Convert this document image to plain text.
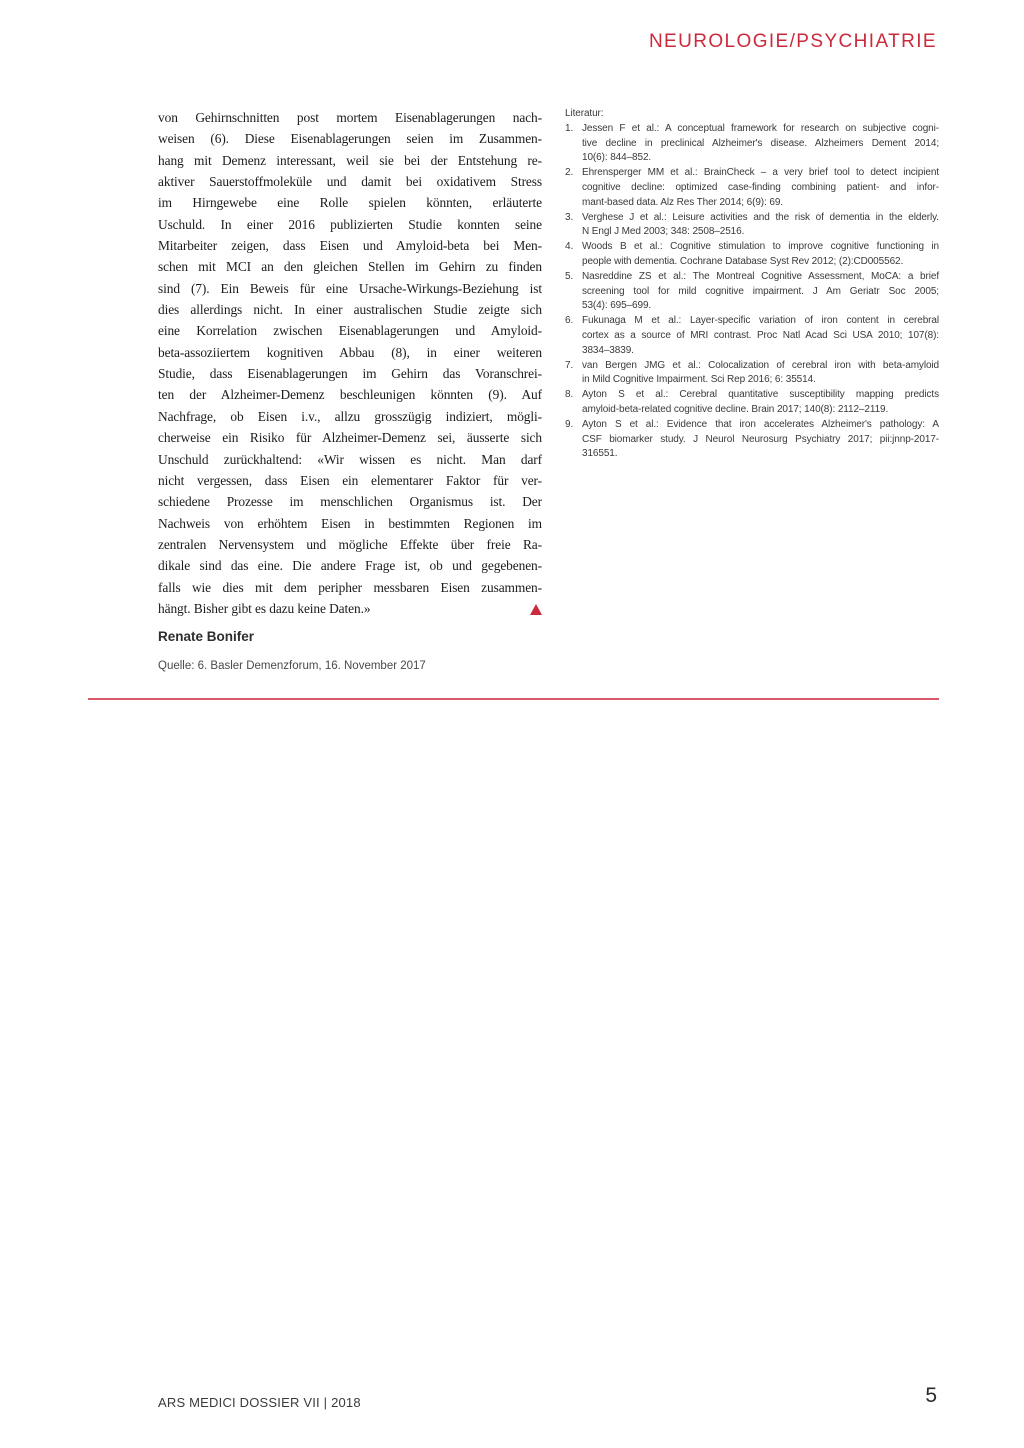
NEUROLOGIE/PSYCHIATRIE
von Gehirnschnitten post mortem Eisenablagerungen nach-
weisen (6). Diese Eisenablagerungen seien im Zusammen-
hang mit Demenz interessant, weil sie bei der Entstehung re-
aktiver Sauerstoffmoleküle und damit bei oxidativem Stress
im Hirngewebe eine Rolle spielen könnten, erläuterte
Uschuld. In einer 2016 publizierten Studie konnten seine
Mitarbeiter zeigen, dass Eisen und Amyloid-beta bei Men-
schen mit MCI an den gleichen Stellen im Gehirn zu finden
sind (7). Ein Beweis für eine Ursache-Wirkungs-Beziehung ist
dies allerdings nicht. In einer australischen Studie zeigte sich
eine Korrelation zwischen Eisenablagerungen und Amyloid-
beta-assoziiertem kognitiven Abbau (8), in einer weiteren
Studie, dass Eisenablagerungen im Gehirn das Voranschrei-
ten der Alzheimer-Demenz beschleunigen könnten (9). Auf
Nachfrage, ob Eisen i.v., allzu grosszügig indiziert, mögli-
cherweise ein Risiko für Alzheimer-Demenz sei, äusserte sich
Unschuld zurückhaltend: «Wir wissen es nicht. Man darf
nicht vergessen, dass Eisen ein elementarer Faktor für ver-
schiedene Prozesse im menschlichen Organismus ist. Der
Nachweis von erhöhtem Eisen in bestimmten Regionen im
zentralen Nervensystem und mögliche Effekte über freie Ra-
dikale sind das eine. Die andere Frage ist, ob und gegebenen-
falls wie dies mit dem peripher messbaren Eisen zusammen-
hängt. Bisher gibt es dazu keine Daten.»
Renate Bonifer
Quelle: 6. Basler Demenzforum, 16. November 2017
Literatur:
1. Jessen F et al.: A conceptual framework for research on subjective cogni-
tive decline in preclinical Alzheimer's disease. Alzheimers Dement 2014;
10(6): 844–852.
2. Ehrensperger MM et al.: BrainCheck – a very brief tool to detect incipient
cognitive decline: optimized case-finding combining patient- and infor-
mant-based data. Alz Res Ther 2014; 6(9): 69.
3. Verghese J et al.: Leisure activities and the risk of dementia in the elderly.
N Engl J Med 2003; 348: 2508–2516.
4. Woods B et al.: Cognitive stimulation to improve cognitive functioning in
people with dementia. Cochrane Database Syst Rev 2012; (2):CD005562.
5. Nasreddine ZS et al.: The Montreal Cognitive Assessment, MoCA: a brief
screening tool for mild cognitive impairment. J Am Geriatr Soc 2005;
53(4): 695–699.
6. Fukunaga M et al.: Layer-specific variation of iron content in cerebral
cortex as a source of MRI contrast. Proc Natl Acad Sci USA 2010; 107(8):
3834–3839.
7. van Bergen JMG et al.: Colocalization of cerebral iron with beta-amyloid
in Mild Cognitive Impairment. Sci Rep 2016; 6: 35514.
8. Ayton S et al.: Cerebral quantitative susceptibility mapping predicts
amyloid-beta-related cognitive decline. Brain 2017; 140(8): 2112–2119.
9. Ayton S et al.: Evidence that iron accelerates Alzheimer's pathology: A
CSF biomarker study. J Neurol Neurosurg Psychiatry 2017; pii:jnnp-2017-
316551.
ARS MEDICI DOSSIER VII | 2018	5
